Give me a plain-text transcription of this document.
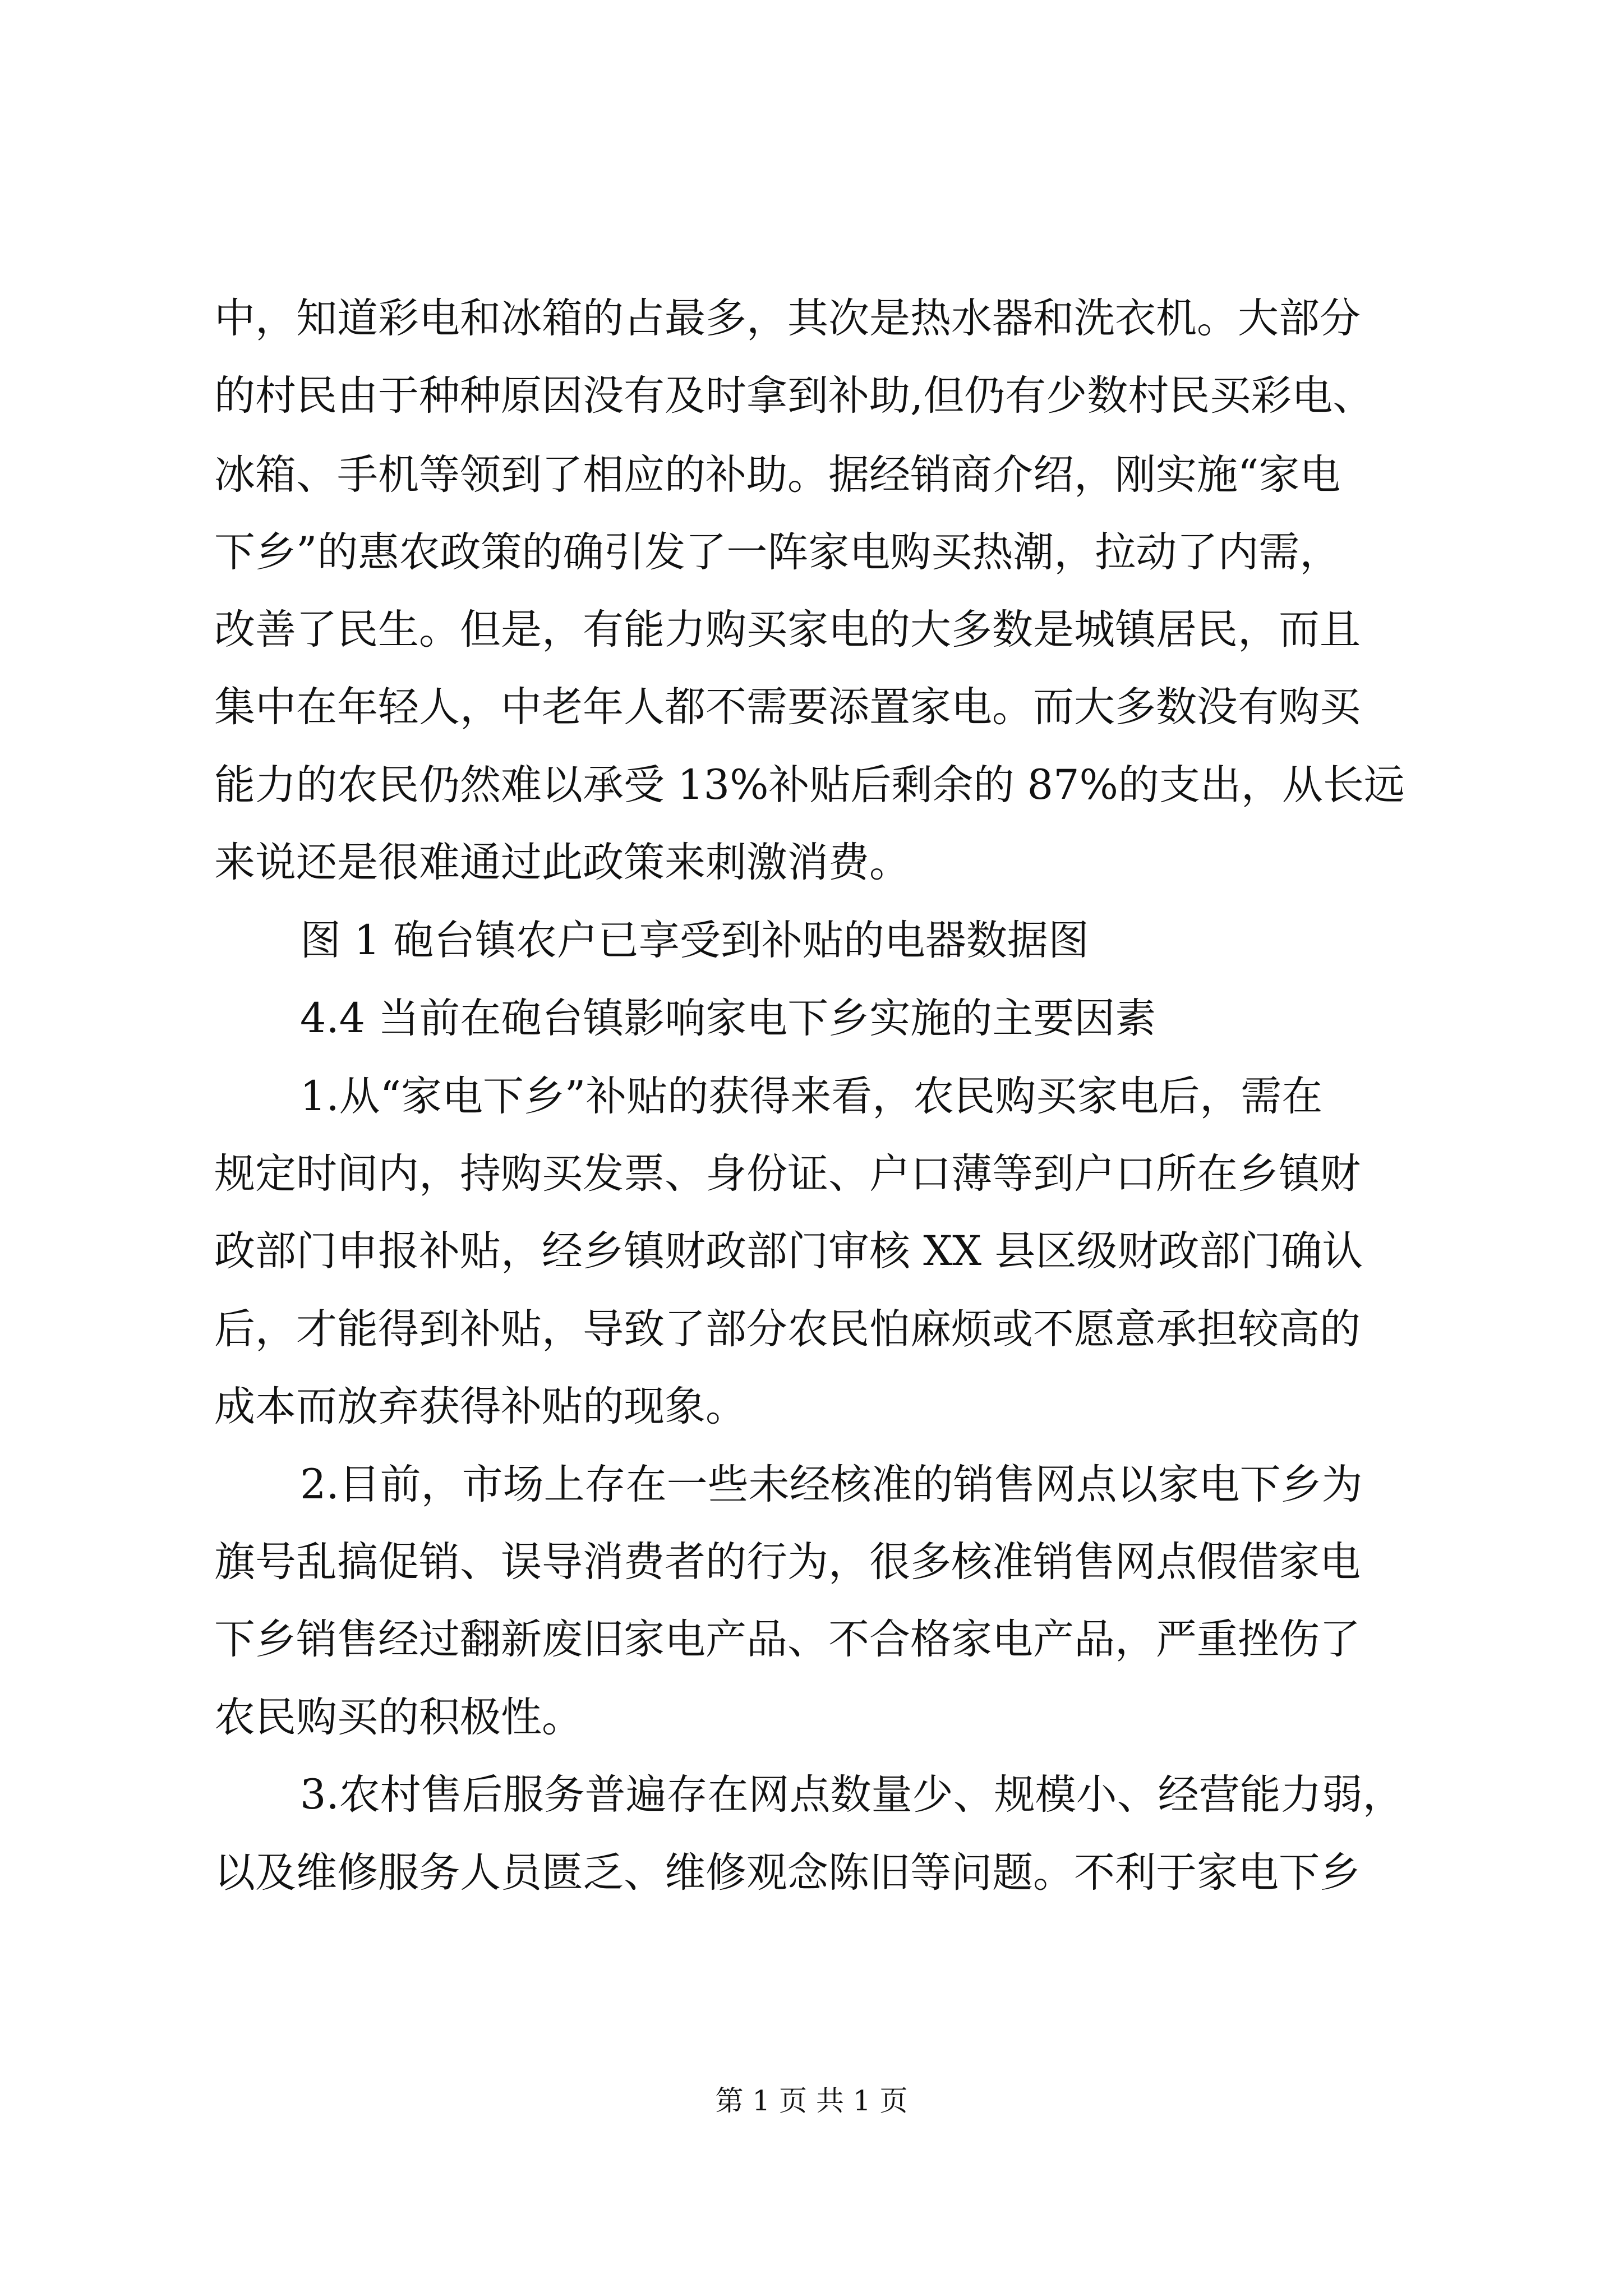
中，知道彩电和冰箱的占最多，其次是热水器和洗衣机。大部分
的村民由于种种原因没有及时拿到补助,但仍有少数村民买彩电、
冰箱、手机等领到了相应的补助。据经销商介绍，刚实施“家电
下乡”的惠农政策的确引发了一阵家电购买热潮，拉动了内需，
改善了民生。但是，有能力购买家电的大多数是城镇居民，而且
集中在年轻人，中老年人都不需要添置家电。而大多数没有购买
能力的农民仍然难以承受 13%补贴后剩余的 87%的支出，从长远
来说还是很难通过此政策来刺激消费。
图 1 砲台镇农户已享受到补贴的电器数据图
4.4 当前在砲台镇影响家电下乡实施的主要因素
1.从“家电下乡”补贴的获得来看，农民购买家电后，需在
规定时间内，持购买发票、身份证、户口薄等到户口所在乡镇财
政部门申报补贴，经乡镇财政部门审核 XX 县区级财政部门确认
后，才能得到补贴，导致了部分农民怕麻烦或不愿意承担较高的
成本而放弃获得补贴的现象。
2.目前，市场上存在一些未经核准的销售网点以家电下乡为
旗号乱搞促销、误导消费者的行为，很多核准销售网点假借家电
下乡销售经过翻新废旧家电产品、不合格家电产品，严重挫伤了
农民购买的积极性。
3.农村售后服务普遍存在网点数量少、规模小、经营能力弱，
以及维修服务人员匮乏、维修观念陈旧等问题。不利于家电下乡
第 1 页 共 1 页
